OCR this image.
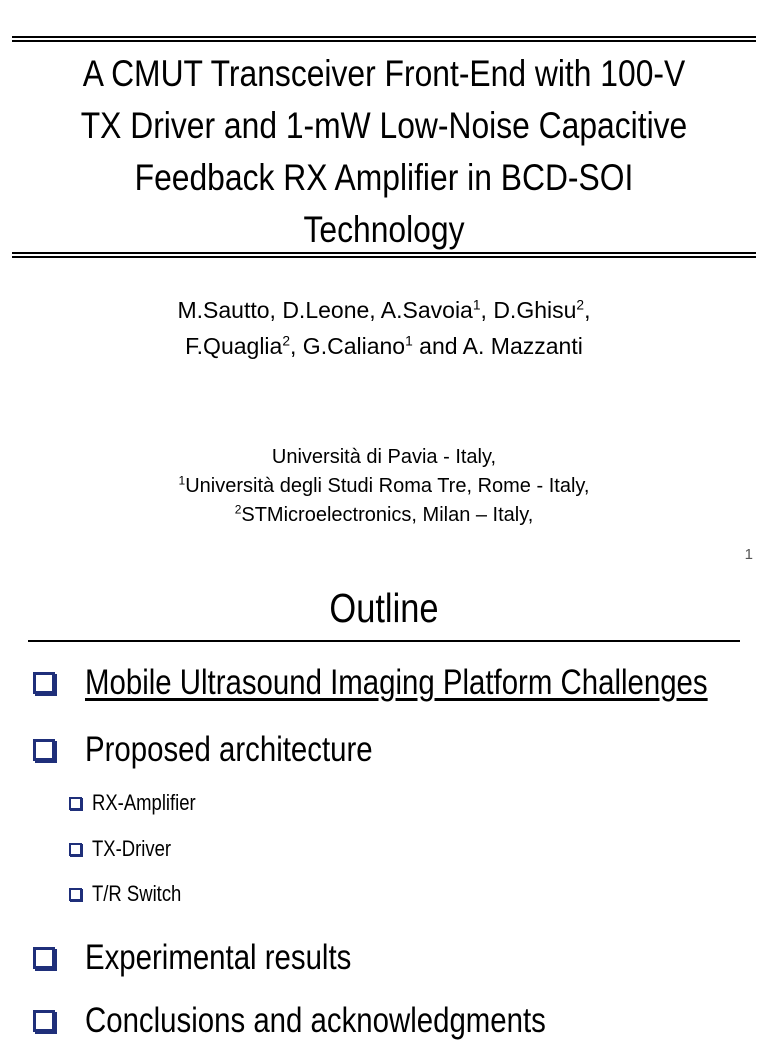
A CMUT Transceiver Front-End with 100-V
TX Driver and 1-mW Low-Noise Capacitive
Feedback RX Amplifier in BCD-SOI
Technology
M.Sautto, D.Leone, A.Savoia$^1$, D.Ghisu$^2$,
F.Quaglia$^2$, G.Caliano$^1$ and A. Mazzanti
Università di Pavia - Italy,
$^1$Università degli Studi Roma Tre, Rome - Italy,
$^2$STMicroelectronics, Milan – Italy,
1
Outline
Mobile Ultrasound Imaging Platform Challenges
Proposed architecture
RX-Amplifier
TX-Driver
T/R Switch
Experimental results
Conclusions and acknowledgments
